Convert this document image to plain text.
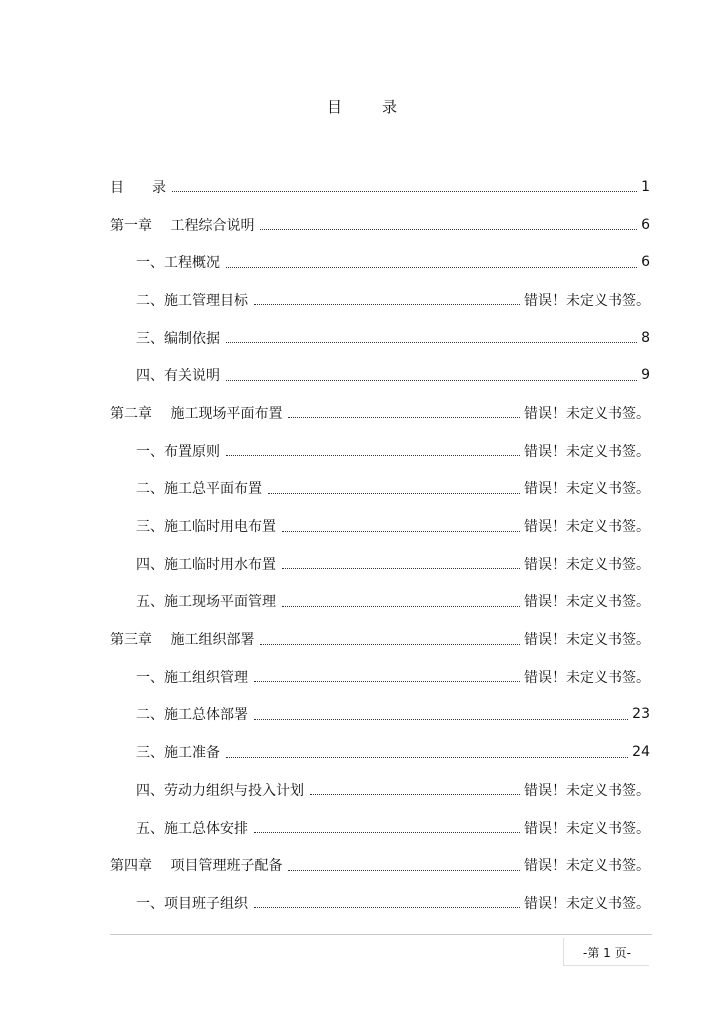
目	录
目　　录	1
第一章　 工程综合说明	6
一、工程概况	6
二、施工管理目标	错误！未定义书签。
三、编制依据	8
四、有关说明	9
第二章　 施工现场平面布置	错误！未定义书签。
一、布置原则	错误！未定义书签。
二、施工总平面布置	错误！未定义书签。
三、施工临时用电布置	错误！未定义书签。
四、施工临时用水布置	错误！未定义书签。
五、施工现场平面管理	错误！未定义书签。
第三章　 施工组织部署	错误！未定义书签。
一、施工组织管理	错误！未定义书签。
二、施工总体部署	23
三、施工准备	24
四、劳动力组织与投入计划	错误！未定义书签。
五、施工总体安排	错误！未定义书签。
第四章　 项目管理班子配备	错误！未定义书签。
一、项目班子组织	错误！未定义书签。
-第 1 页-
